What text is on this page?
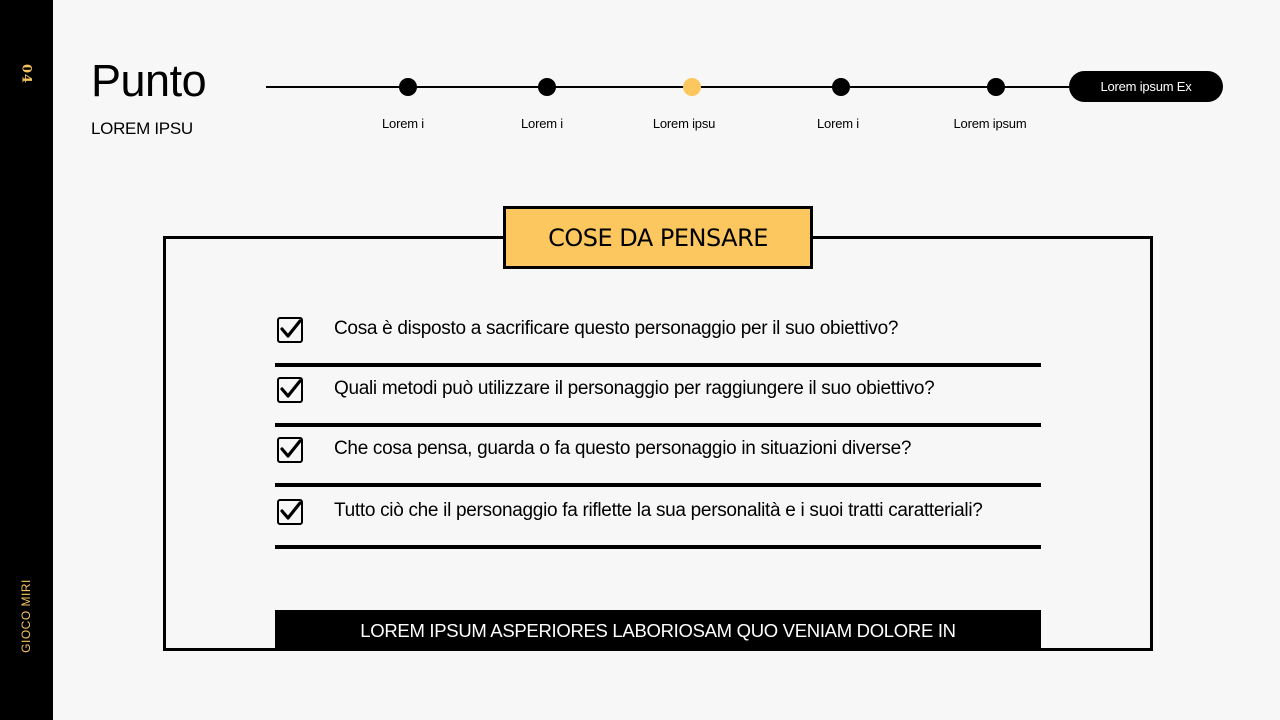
04
GIOCO MIRI
Punto
LOREM IPSU	Lorem i	Lorem i	Lorem ipsu	Lorem i	Lorem ipsum
Lorem ipsum Ex
COSE DA PENSARE
Cosa è disposto a sacrificare questo personaggio per il suo obiettivo?
Quali metodi può utilizzare il personaggio per raggiungere il suo obiettivo?
Che cosa pensa, guarda o fa questo personaggio in situazioni diverse?
Tutto ciò che il personaggio fa riflette la sua personalità e i suoi tratti caratteriali?
LOREM IPSUM ASPERIORES LABORIOSAM QUO VENIAM DOLORE IN
